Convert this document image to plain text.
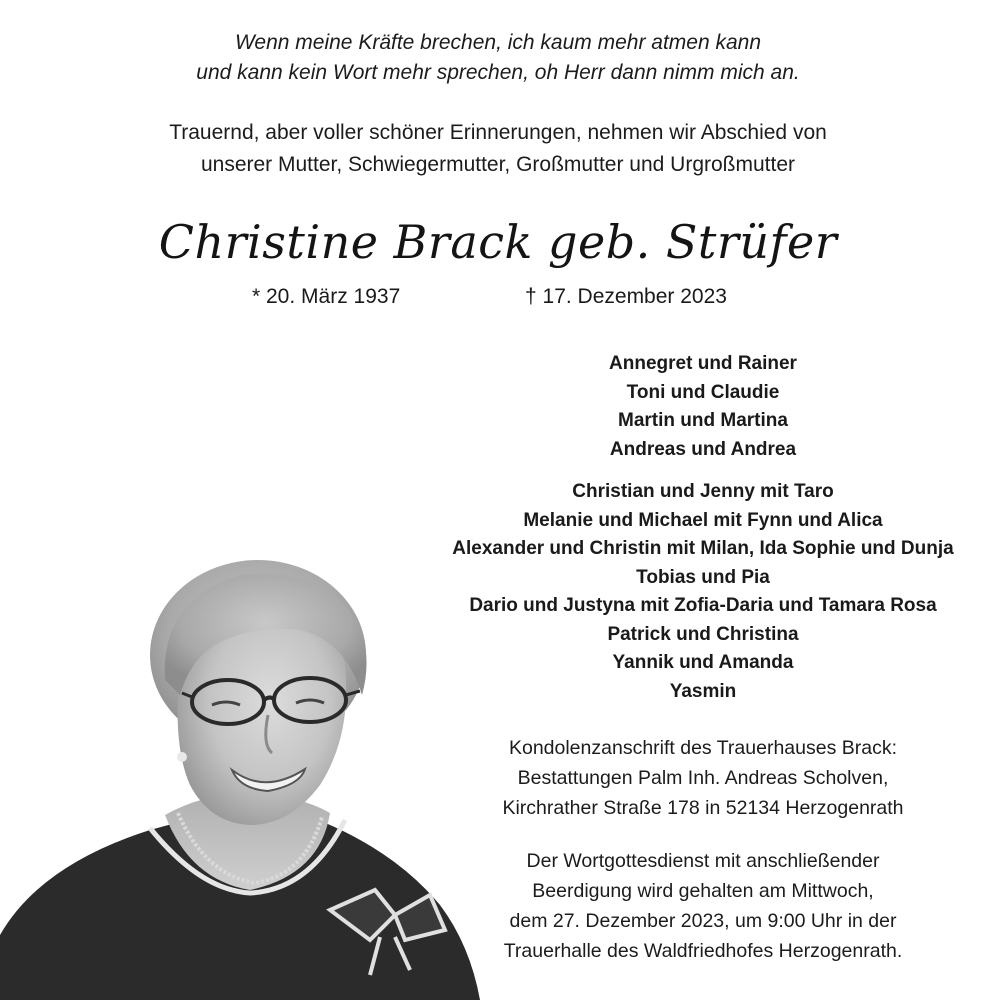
Wenn meine Kräfte brechen, ich kaum mehr atmen kann
und kann kein Wort mehr sprechen, oh Herr dann nimm mich an.
Trauernd, aber voller schöner Erinnerungen, nehmen wir Abschied von
unserer Mutter, Schwiegermutter, Großmutter und Urgroßmutter
Christine Brack geb. Strüfer
* 20. März 1937	† 17. Dezember 2023
Annegret und Rainer
Toni und Claudie
Martin und Martina
Andreas und Andrea
Christian und Jenny mit Taro
Melanie und Michael mit Fynn und Alica
Alexander und Christin mit Milan, Ida Sophie und Dunja
Tobias und Pia
Dario und Justyna mit Zofia-Daria und Tamara Rosa
Patrick und Christina
Yannik und Amanda
Yasmin
Kondolenzanschrift des Trauerhauses Brack:
Bestattungen Palm Inh. Andreas Scholven,
Kirchrather Straße 178 in 52134 Herzogenrath
Der Wortgottesdienst mit anschließender
Beerdigung wird gehalten am Mittwoch,
dem 27. Dezember 2023, um 9:00 Uhr in der
Trauerhalle des Waldfriedhofes Herzogenrath.
